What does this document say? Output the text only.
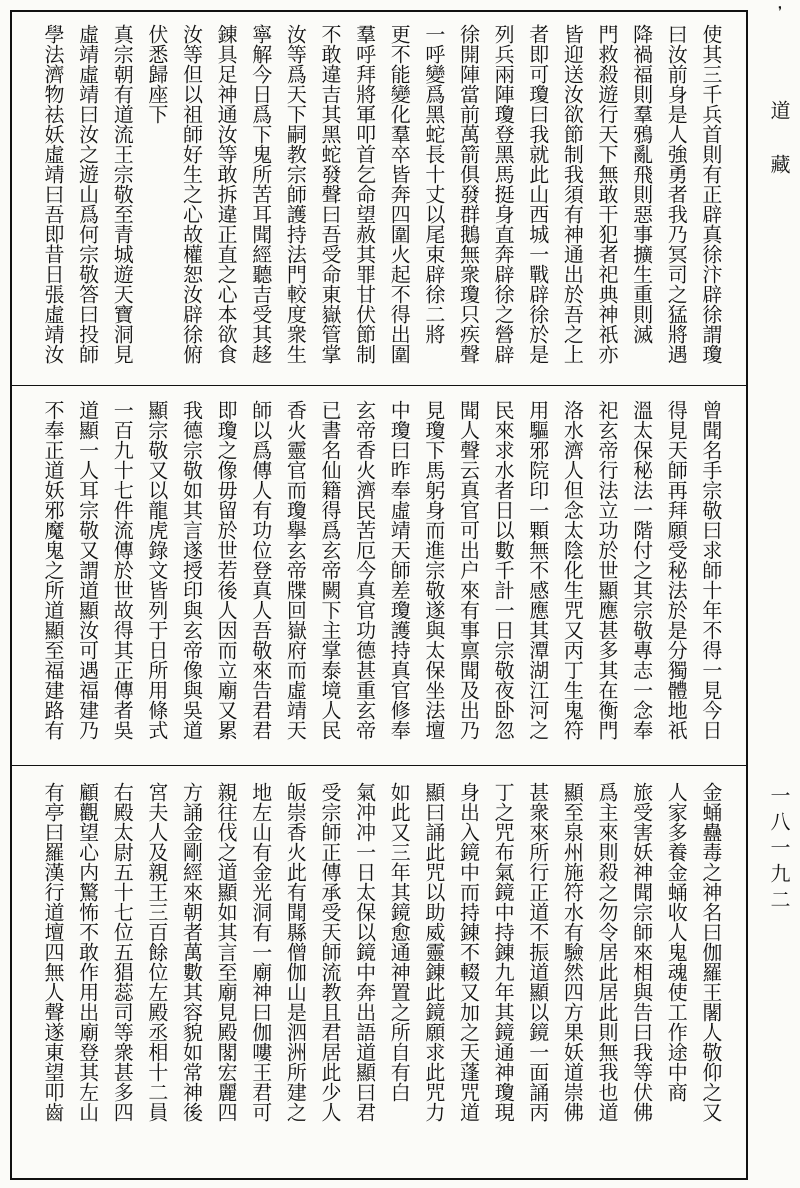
❜
道藏
一八一九二
使其三千兵首則有正辟真徐汴辟徐謂瓊
曰汝前身是人強勇者我乃冥司之猛將遇
降禍福則羣鴉亂飛則惡事擴生重則滅
門救殺遊行天下無敢干犯者祀典神祇亦
皆迎送汝欲節制我須有神通出於吾之上
者即可瓊曰我就此山西城一戰辟徐於是
列兵兩陣瓊登黑馬挺身直奔辟徐之營辟
徐開陣當前萬箭俱發群鵝無衆瓊只疾聲
一呼變爲黑蛇長十丈以尾束辟徐二將
更不能變化羣卒皆奔四圍火起不得出圍
羣呼拜將軍叩首乞命望赦其罪甘伏節制
不敢違吉其黑蛇發聲曰吾受命東嶽管掌
汝等爲天下嗣教宗師護持法門較度衆生
寧解今日爲下鬼所苦耳聞經聽吉受其趍
錬具足神通汝等敢拆違正直之心本欲食
汝等但以祖師好生之心故權恕汝辟徐俯
伏悉歸座下
真宗朝有道流王宗敬至青城遊天寶洞見
虛靖虛靖曰汝之遊山爲何宗敬答曰投師
學法濟物祛妖虛靖曰吾即昔日張虛靖汝
曾聞名手宗敬曰求師十年不得一見今日
得見天師再拜願受秘法於是分獨體地祇
溫太保秘法一階付之其宗敬專志一念奉
祀玄帝行法立功於世顯應甚多其在衡門
洛水濟人但念太陰化生咒又丙丁生鬼符
用驅邪院印一顆無不感應其潭湖江河之
民來求水者日以數千計一日宗敬夜卧忽
聞人聲云真官可出户來有事禀聞及出乃
見瓊下馬躬身而進宗敬遂與太保坐法壇
中瓊曰昨奉虛靖天師差瓊護持真官修奉
玄帝香火濟民苦厄今真官功德甚重玄帝
已書名仙籍得爲玄帝闕下主掌泰境人民
香火靈官而瓊擧玄帝牒回嶽府而虛靖天
師以爲傳人有功位登真人吾敬來告君君
即瓊之像毋留於世若後人因而立廟又累
我德宗敬如其言遂授印與玄帝像與吳道
顯宗敬又以龍虎錄文皆列于日所用條式
一百九十七件流傳於世故得其正傳者吳
道顯一人耳宗敬又謂道顯汝可遇福建乃
不奉正道妖邪魔鬼之所道顯至福建路有
金蛹蠱毒之神名曰伽羅王闍人敬仰之又
人家多養金蛹收人鬼魂使工作途中商
旅受害妖神聞宗師來相與告曰我等伏佛
爲主來則殺之勿令居此居此則無我也道
顯至泉州施符水有驗然四方果妖道崇佛
甚衆來所行正道不振道顯以鏡一面誦丙
丁之咒布氣鏡中持錬九年其鏡通神瓊現
身出入鏡中而持錬不輟又加之天蓬咒道
顯曰誦此咒以助威靈錬此鏡願求此咒力
如此又三年其鏡愈通神置之所自有白
氣冲冲一日太保以鏡中奔出語道顯曰君
受宗師正傳承受天師流教且君居此少人
皈崇香火此有聞縣僧伽山是泗洲所建之
地左山有金光洞有一廟神曰伽嘍王君可
親往伐之道顯如其言至廟見殿閣宏麗四
方誦金剛經來朝者萬數其容貌如常神後
宮夫人及親王三百餘位左殿丞相十二員
右殿太尉五十七位五猖蕊司等衆甚多四
顧觀望心内驚怖不敢作用出廟登其左山
有亭曰羅漢行道壇四無人聲遂東望叩齒
